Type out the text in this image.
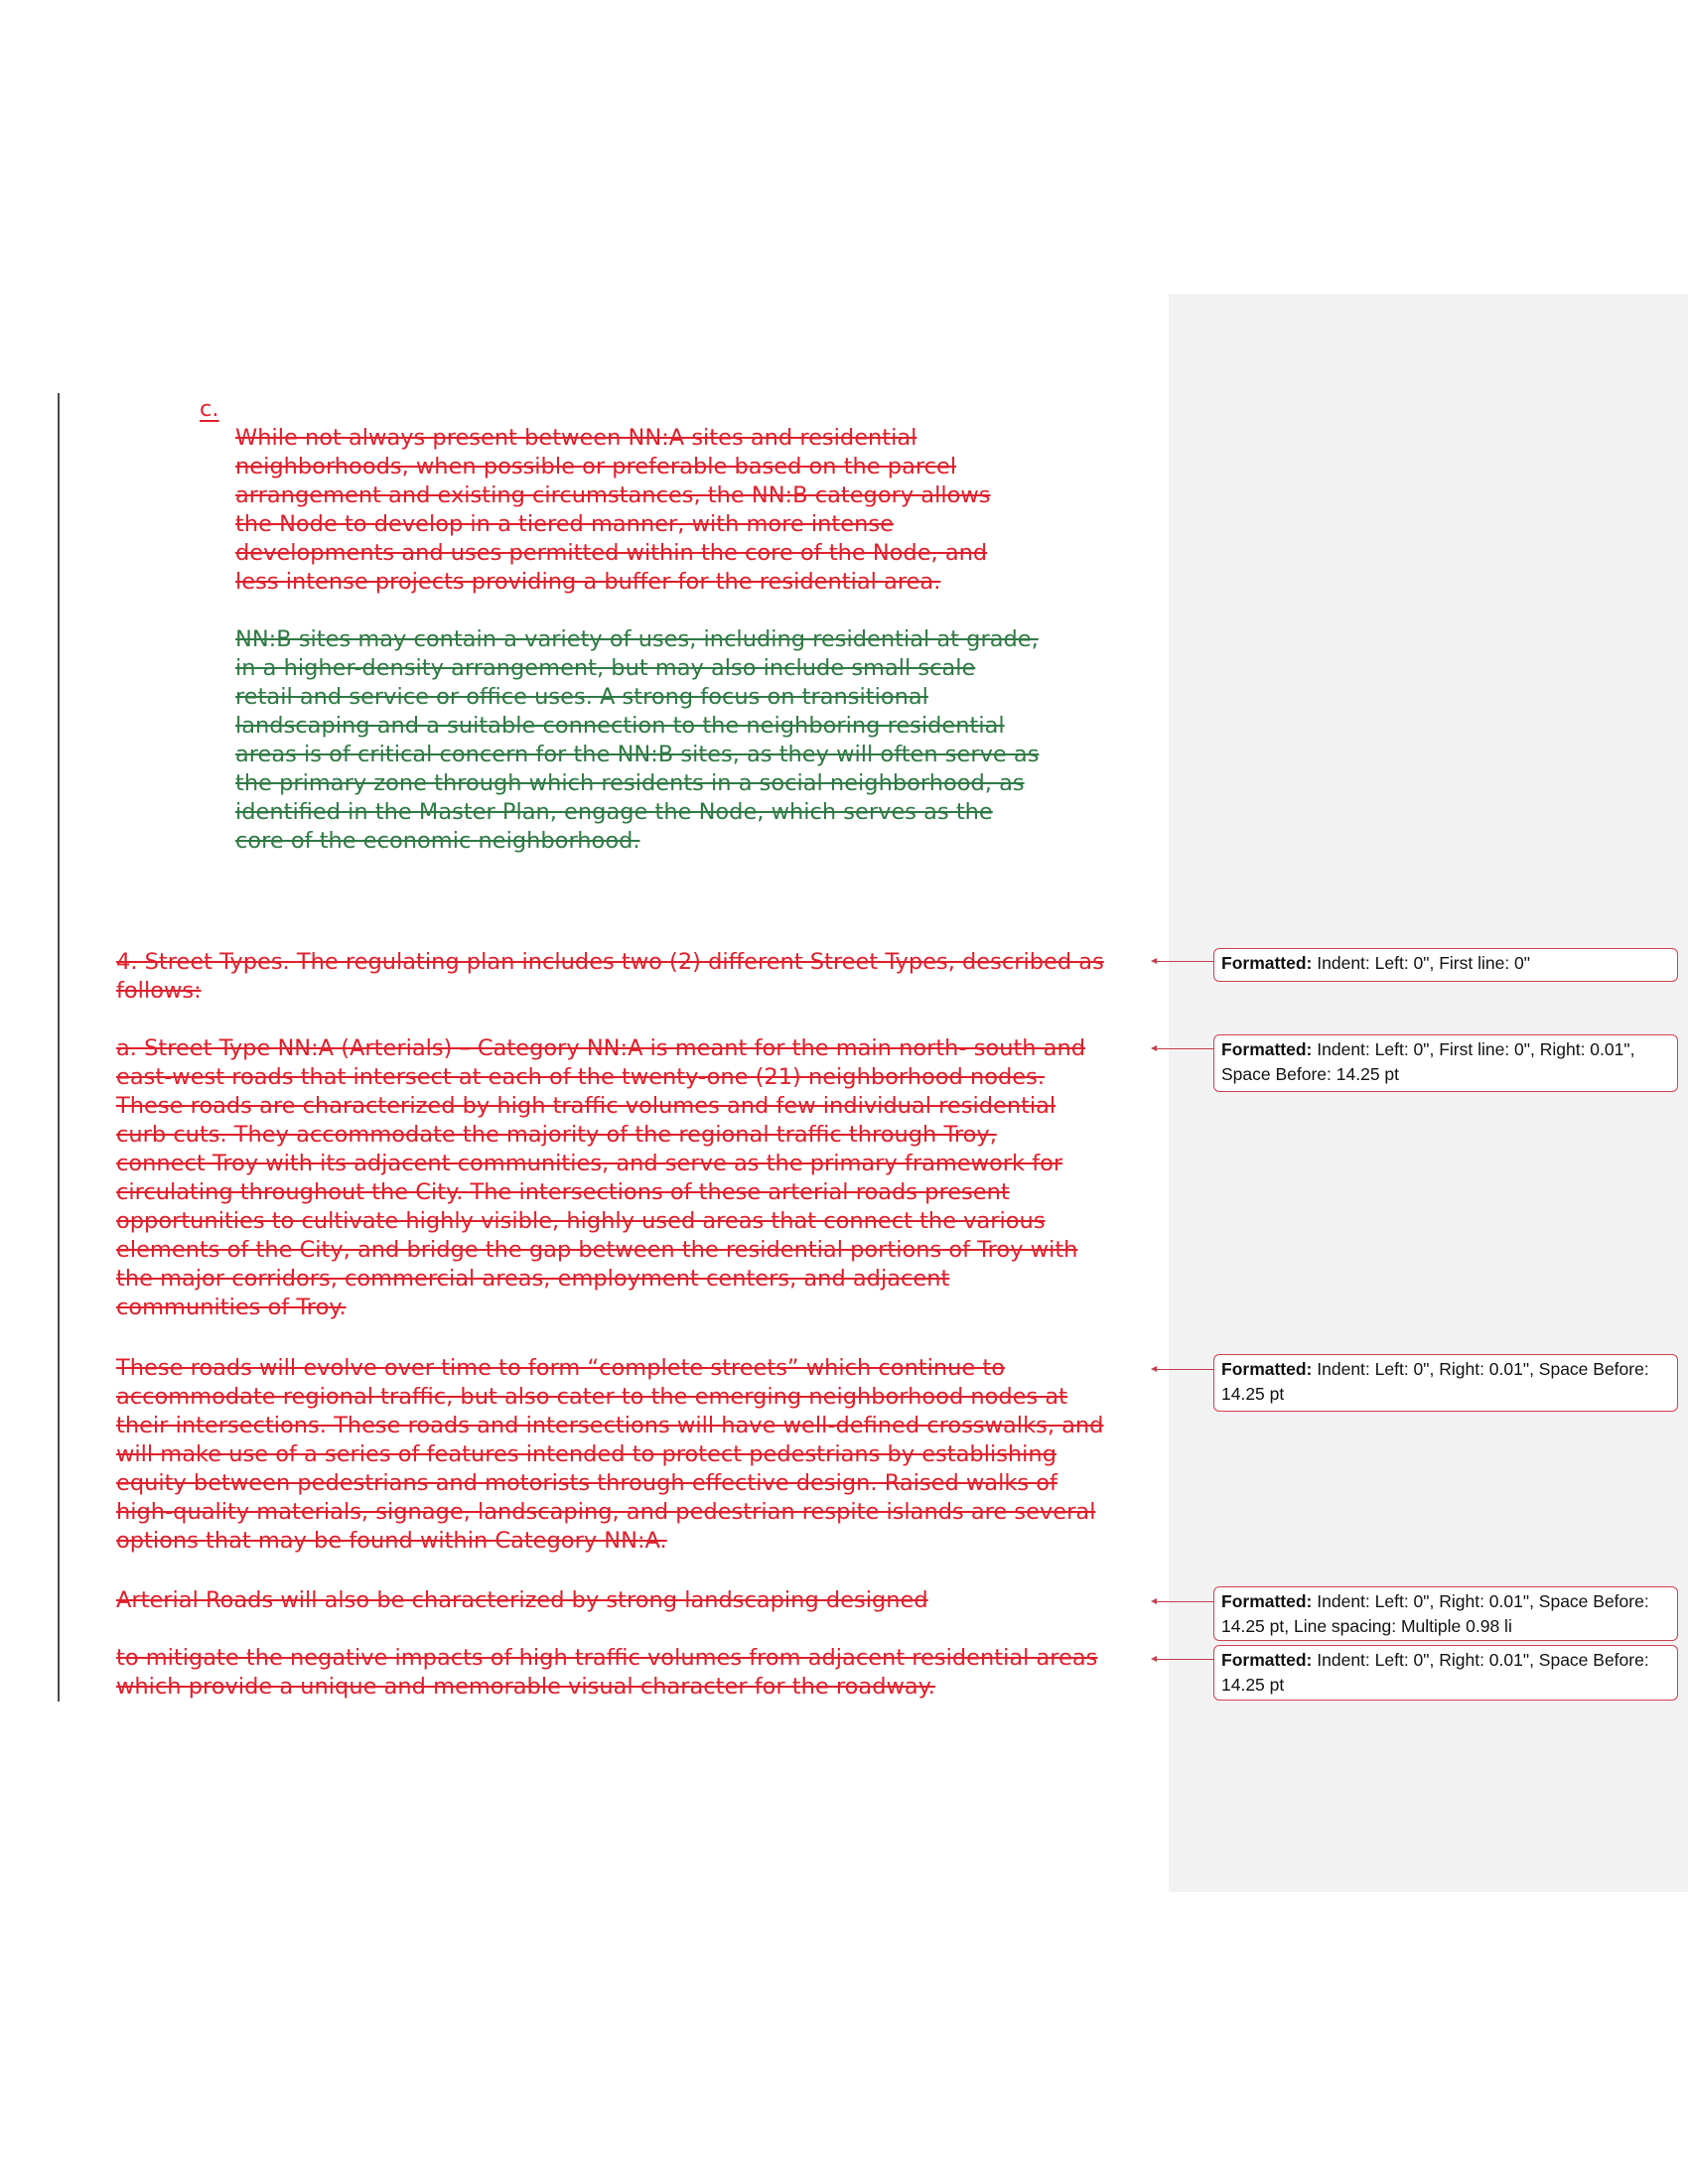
c.

While not always present between NN:A sites and residential
neighborhoods, when possible or preferable based on the parcel
arrangement and existing circumstances, the NN:B category allows
the Node to develop in a tiered manner, with more intense
developments and uses permitted within the core of the Node, and
less intense projects providing a buffer for the residential area.

NN:B sites may contain a variety of uses, including residential at grade,
in a higher-density arrangement, but may also include small scale
retail and service or office uses. A strong focus on transitional
landscaping and a suitable connection to the neighboring residential
areas is of critical concern for the NN:B sites, as they will often serve as
the primary zone through which residents in a social neighborhood, as
identified in the Master Plan, engage the Node, which serves as the
core of the economic neighborhood.

4. Street Types. The regulating plan includes two (2) different Street Types, described as
follows:

a. Street Type NN:A (Arterials) – Category NN:A is meant for the main north- south and
east-west roads that intersect at each of the twenty-one (21) neighborhood nodes.
These roads are characterized by high traffic volumes and few individual residential
curb cuts. They accommodate the majority of the regional traffic through Troy,
connect Troy with its adjacent communities, and serve as the primary framework for
circulating throughout the City. The intersections of these arterial roads present
opportunities to cultivate highly visible, highly used areas that connect the various
elements of the City, and bridge the gap between the residential portions of Troy with
the major corridors, commercial areas, employment centers, and adjacent
communities of Troy.

These roads will evolve over time to form “complete streets” which continue to
accommodate regional traffic, but also cater to the emerging neighborhood nodes at
their intersections. These roads and intersections will have well-defined crosswalks, and
will make use of a series of features intended to protect pedestrians by establishing
equity between pedestrians and motorists through effective design. Raised walks of
high-quality materials, signage, landscaping, and pedestrian respite islands are several
options that may be found within Category NN:A.

Arterial Roads will also be characterized by strong landscaping designed

to mitigate the negative impacts of high traffic volumes from adjacent residential areas
which provide a unique and memorable visual character for the roadway.

Formatted: Indent: Left: 0", First line: 0"
Formatted: Indent: Left: 0", First line: 0", Right: 0.01", Space Before: 14.25 pt
Formatted: Indent: Left: 0", Right: 0.01", Space Before: 14.25 pt
Formatted: Indent: Left: 0", Right: 0.01", Space Before: 14.25 pt, Line spacing: Multiple 0.98 li
Formatted: Indent: Left: 0", Right: 0.01", Space Before: 14.25 pt
